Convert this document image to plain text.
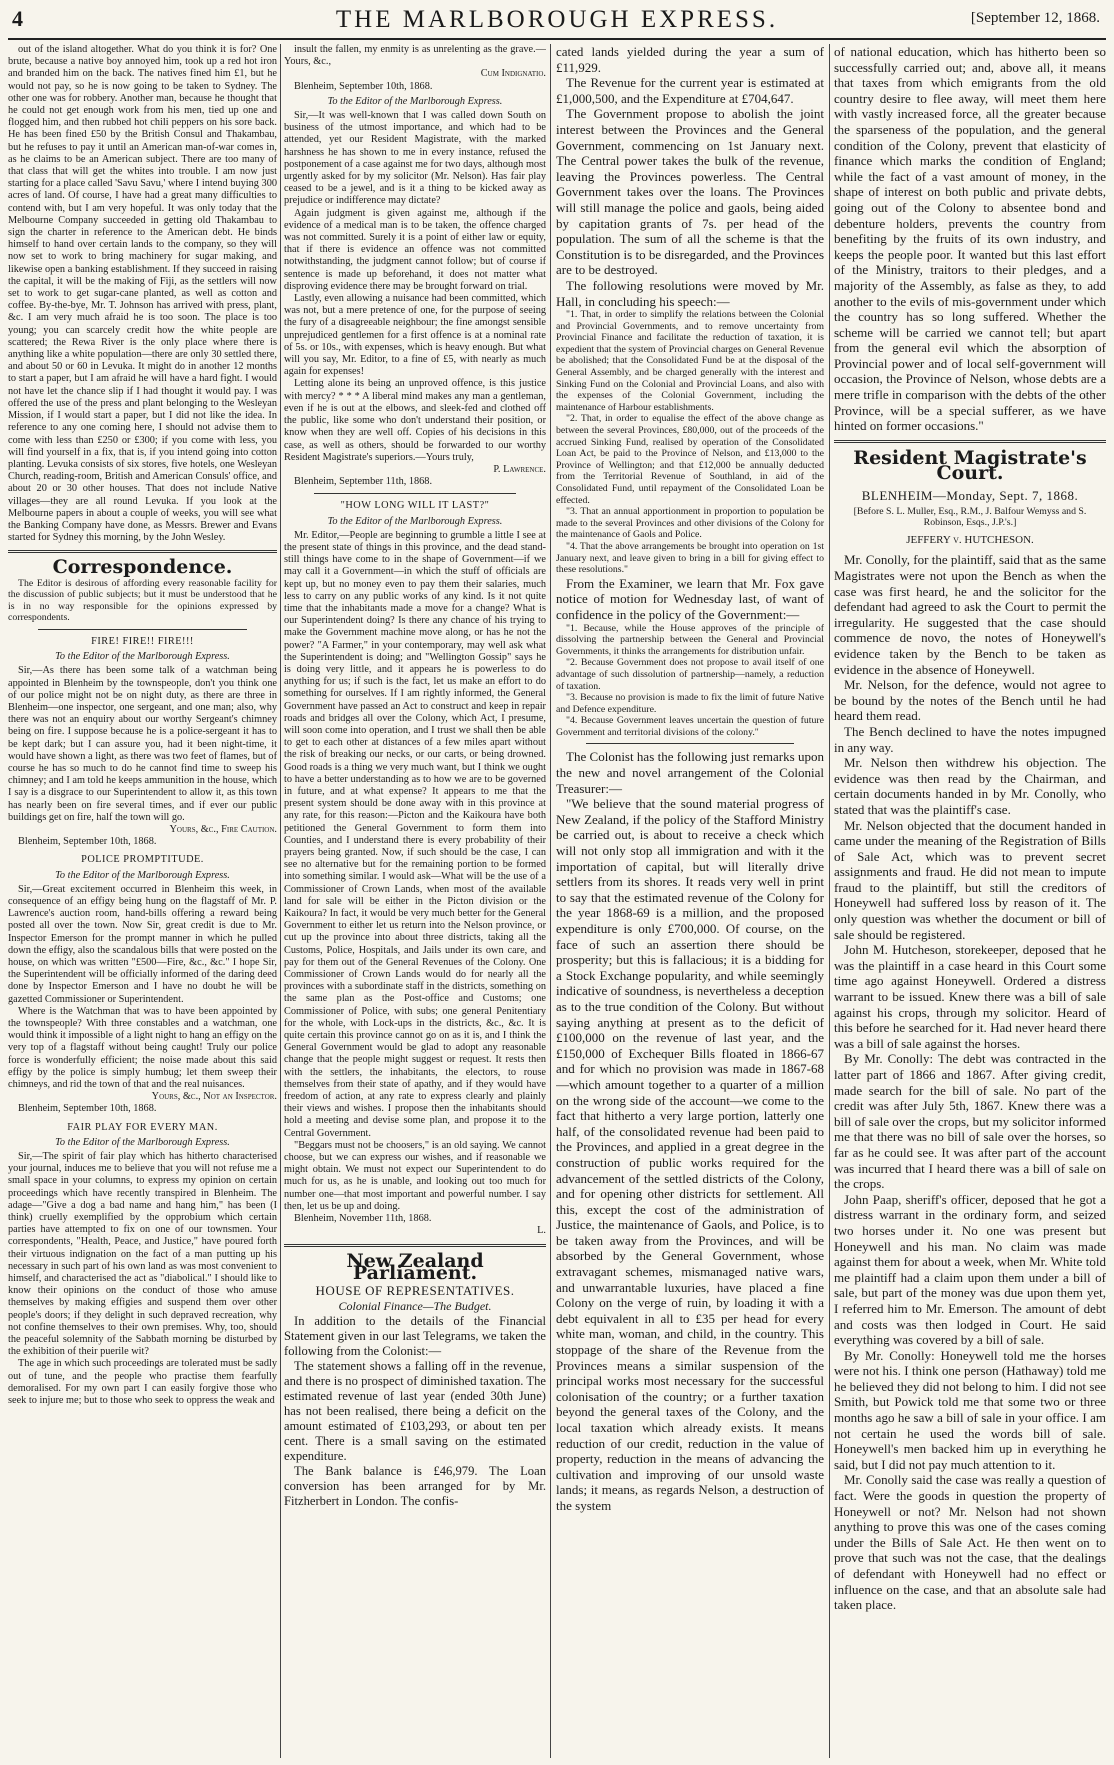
4	THE MARLBOROUGH EXPRESS.	[September 12, 1868.

out of the island altogether. What do you think it is for? One brute, because a native boy annoyed him, took up a red hot iron and branded him on the back. The natives fined him £1, but he would not pay, so he is now going to be taken to Sydney. The other one was for robbery. Another man, because he thought that he could not get enough work from his men, tied up one and flogged him, and then rubbed hot chili peppers on his sore back. He has been fined £50 by the British Consul and Thakambau, but he refuses to pay it until an American man-of-war comes in, as he claims to be an American subject. There are too many of that class that will get the whites into trouble. I am now just starting for a place called 'Savu Savu,' where I intend buying 300 acres of land. Of course, I have had a great many difficulties to contend with, but I am very hopeful. It was only today that the Melbourne Company succeeded in getting old Thakambau to sign the charter in reference to the American debt. He binds himself to hand over certain lands to the company, so they will now set to work to bring machinery for sugar making, and likewise open a banking establishment. If they succeed in raising the capital, it will be the making of Fiji, as the settlers will now set to work to get sugar-cane planted, as well as cotton and coffee. By-the-bye, Mr. T. Johnson has arrived with press, plant, &c. I am very much afraid he is too soon. The place is too young; you can scarcely credit how the white people are scattered; the Rewa River is the only place where there is anything like a white population—there are only 30 settled there, and about 50 or 60 in Levuka. It might do in another 12 months to start a paper, but I am afraid he will have a hard fight. I would not have let the chance slip if I had thought it would pay. I was offered the use of the press and plant belonging to the Wesleyan Mission, if I would start a paper, but I did not like the idea. In reference to any one coming here, I should not advise them to come with less than £250 or £300; if you come with less, you will find yourself in a fix, that is, if you intend going into cotton planting. Levuka consists of six stores, five hotels, one Wesleyan Church, reading-room, British and American Consuls' office, and about 20 or 30 other houses. That does not include Native villages—they are all round Levuka. If you look at the Melbourne papers in about a couple of weeks, you will see what the Banking Company have done, as Messrs. Brewer and Evans started for Sydney this morning, by the John Wesley.

Correspondence.

The Editor is desirous of affording every reasonable facility for the discussion of public subjects; but it must be understood that he is in no way responsible for the opinions expressed by correspondents.

FIRE! FIRE!! FIRE!!!
To the Editor of the Marlborough Express.

Sir,—As there has been some talk of a watchman being appointed in Blenheim by the townspeople, don't you think one of our police might not be on night duty, as there are three in Blenheim—one inspector, one sergeant, and one man; also, why there was not an enquiry about our worthy Sergeant's chimney being on fire. I suppose because he is a police-sergeant it has to be kept dark; but I can assure you, had it been night-time, it would have shown a light, as there was two feet of flames, but of course he has so much to do he cannot find time to sweep his chimney; and I am told he keeps ammunition in the house, which I say is a disgrace to our Superintendent to allow it, as this town has nearly been on fire several times, and if ever our public buildings get on fire, half the town will go.

Yours, &c., Fire Caution.

Blenheim, September 10th, 1868.

POLICE PROMPTITUDE.
To the Editor of the Marlborough Express.

Sir,—Great excitement occurred in Blenheim this week, in consequence of an effigy being hung on the flagstaff of Mr. P. Lawrence's auction room, hand-bills offering a reward being posted all over the town. Now Sir, great credit is due to Mr. Inspector Emerson for the prompt manner in which he pulled down the effigy, also the scandalous bills that were posted on the house, on which was written "£500—Fire, &c., &c." I hope Sir, the Superintendent will be officially informed of the daring deed done by Inspector Emerson and I have no doubt he will be gazetted Commissioner or Superintendent.

Where is the Watchman that was to have been appointed by the townspeople? With three constables and a watchman, one would think it impossible of a light night to hang an effigy on the very top of a flagstaff without being caught! Truly our police force is wonderfully efficient; the noise made about this said effigy by the police is simply humbug; let them sweep their chimneys, and rid the town of that and the real nuisances.

Yours, &c., Not an Inspector.

Blenheim, September 10th, 1868.

FAIR PLAY FOR EVERY MAN.
To the Editor of the Marlborough Express.

Sir,—The spirit of fair play which has hitherto characterised your journal, induces me to believe that you will not refuse me a small space in your columns, to express my opinion on certain proceedings which have recently transpired in Blenheim. The adage—"Give a dog a bad name and hang him," has been (I think) cruelly exemplified by the opprobium which certain parties have attempted to fix on one of our townsmen. Your correspondents, "Health, Peace, and Justice," have poured forth their virtuous indignation on the fact of a man putting up his necessary in such part of his own land as was most convenient to himself, and characterised the act as "diabolical." I should like to know their opinions on the conduct of those who amuse themselves by making effigies and suspend them over other people's doors; if they delight in such depraved recreation, why not confine themselves to their own premises. Why, too, should the peaceful solemnity of the Sabbath morning be disturbed by the exhibition of their puerile wit?

The age in which such proceedings are tolerated must be sadly out of tune, and the people who practise them fearfully demoralised. For my own part I can easily forgive those who seek to injure me; but to those who seek to oppress the weak and

insult the fallen, my enmity is as unrelenting as the grave.—Yours, &c.,

Cum Indignatio.

Blenheim, September 10th, 1868.

To the Editor of the Marlborough Express.

Sir,—It was well-known that I was called down South on business of the utmost importance, and which had to be attended, yet our Resident Magistrate, with the marked harshness he has shown to me in every instance, refused the postponement of a case against me for two days, although most urgently asked for by my solicitor (Mr. Nelson). Has fair play ceased to be a jewel, and is it a thing to be kicked away as prejudice or indifference may dictate?

Again judgment is given against me, although if the evidence of a medical man is to be taken, the offence charged was not committed. Surely it is a point of either law or equity, that if there is evidence an offence was not committed notwithstanding, the judgment cannot follow; but of course if sentence is made up beforehand, it does not matter what disproving evidence there may be brought forward on trial.

Lastly, even allowing a nuisance had been committed, which was not, but a mere pretence of one, for the purpose of seeing the fury of a disagreeable neighbour; the fine amongst sensible unprejudiced gentlemen for a first offence is at a nominal rate of 5s. or 10s., with expenses, which is heavy enough. But what will you say, Mr. Editor, to a fine of £5, with nearly as much again for expenses!

Letting alone its being an unproved offence, is this justice with mercy? * * * A liberal mind makes any man a gentleman, even if he is out at the elbows, and sleek-fed and clothed off the public, like some who don't understand their position, or know when they are well off. Copies of his decisions in this case, as well as others, should be forwarded to our worthy Resident Magistrate's superiors.—Yours truly,

P. Lawrence.

Blenheim, September 11th, 1868.

"HOW LONG WILL IT LAST?"
To the Editor of the Marlborough Express.

Mr. Editor,—People are beginning to grumble a little I see at the present state of things in this province, and the dead stand-still things have come to in the shape of Government—if we may call it a Government—in which the stuff of officials are kept up, but no money even to pay them their salaries, much less to carry on any public works of any kind. Is it not quite time that the inhabitants made a move for a change? What is our Superintendent doing? Is there any chance of his trying to make the Government machine move along, or has he not the power? "A Farmer," in your contemporary, may well ask what the Superintendent is doing; and "Wellington Gossip" says he is doing very little, and it appears he is powerless to do anything for us; if such is the fact, let us make an effort to do something for ourselves. If I am rightly informed, the General Government have passed an Act to construct and keep in repair roads and bridges all over the Colony, which Act, I presume, will soon come into operation, and I trust we shall then be able to get to each other at distances of a few miles apart without the risk of breaking our necks, or our carts, or being drowned. Good roads is a thing we very much want, but I think we ought to have a better understanding as to how we are to be governed in future, and at what expense? It appears to me that the present system should be done away with in this province at any rate, for this reason:—Picton and the Kaikoura have both petitioned the General Government to form them into Counties, and I understand there is every probability of their prayers being granted. Now, if such should be the case, I can see no alternative but for the remaining portion to be formed into something similar. I would ask—What will be the use of a Commissioner of Crown Lands, when most of the available land for sale will be either in the Picton division or the Kaikoura? In fact, it would be very much better for the General Government to either let us return into the Nelson province, or cut up the province into about three districts, taking all the Customs, Police, Hospitals, and Jails under its own care, and pay for them out of the General Revenues of the Colony. One Commissioner of Crown Lands would do for nearly all the provinces with a subordinate staff in the districts, something on the same plan as the Post-office and Customs; one Commissioner of Police, with subs; one general Penitentiary for the whole, with Lock-ups in the districts, &c., &c. It is quite certain this province cannot go on as it is, and I think the General Government would be glad to adopt any reasonable change that the people might suggest or request. It rests then with the settlers, the inhabitants, the electors, to rouse themselves from their state of apathy, and if they would have freedom of action, at any rate to express clearly and plainly their views and wishes. I propose then the inhabitants should hold a meeting and devise some plan, and propose it to the Central Government.

"Beggars must not be choosers," is an old saying. We cannot choose, but we can express our wishes, and if reasonable we might obtain. We must not expect our Superintendent to do much for us, as he is unable, and looking out too much for number one—that most important and powerful number. I say then, let us be up and doing.

Blenheim, November 11th, 1868.

L.

New Zealand Parliament.
HOUSE OF REPRESENTATIVES.
Colonial Finance—The Budget.

In addition to the details of the Financial Statement given in our last Telegrams, we taken the following from the Colonist:—

The statement shows a falling off in the revenue, and there is no prospect of diminished taxation. The estimated revenue of last year (ended 30th June) has not been realised, there being a deficit on the amount estimated of £103,293, or about ten per cent. There is a small saving on the estimated expenditure.

The Bank balance is £46,979. The Loan conversion has been arranged for by Mr. Fitzherbert in London. The confis-

cated lands yielded during the year a sum of £11,929.

The Revenue for the current year is estimated at £1,000,500, and the Expenditure at £704,647.

The Government propose to abolish the joint interest between the Provinces and the General Government, commencing on 1st January next. The Central power takes the bulk of the revenue, leaving the Provinces powerless. The Central Government takes over the loans. The Provinces will still manage the police and gaols, being aided by capitation grants of 7s. per head of the population. The sum of all the scheme is that the Constitution is to be disregarded, and the Provinces are to be destroyed.

The following resolutions were moved by Mr. Hall, in concluding his speech:—

"1. That, in order to simplify the relations between the Colonial and Provincial Governments, and to remove uncertainty from Provincial Finance and facilitate the reduction of taxation, it is expedient that the system of Provincial charges on General Revenue be abolished; that the Consolidated Fund be at the disposal of the General Assembly, and be charged generally with the interest and Sinking Fund on the Colonial and Provincial Loans, and also with the expenses of the Colonial Government, including the maintenance of Harbour establishments.

"2. That, in order to equalise the effect of the above change as between the several Provinces, £80,000, out of the proceeds of the accrued Sinking Fund, realised by operation of the Consolidated Loan Act, be paid to the Province of Nelson, and £13,000 to the Province of Wellington; and that £12,000 be annually deducted from the Territorial Revenue of Southland, in aid of the Consolidated Fund, until repayment of the Consolidated Loan be effected.

"3. That an annual apportionment in proportion to population be made to the several Provinces and other divisions of the Colony for the maintenance of Gaols and Police.

"4. That the above arrangements be brought into operation on 1st January next, and leave given to bring in a bill for giving effect to these resolutions."

From the Examiner, we learn that Mr. Fox gave notice of motion for Wednesday last, of want of confidence in the policy of the Government:—

"1. Because, while the House approves of the principle of dissolving the partnership between the General and Provincial Governments, it thinks the arrangements for distribution unfair.

"2. Because Government does not propose to avail itself of one advantage of such dissolution of partnership—namely, a reduction of taxation.

"3. Because no provision is made to fix the limit of future Native and Defence expenditure.

"4. Because Government leaves uncertain the question of future Government and territorial divisions of the colony."

The Colonist has the following just remarks upon the new and novel arrangement of the Colonial Treasurer:—

"We believe that the sound material progress of New Zealand, if the policy of the Stafford Ministry be carried out, is about to receive a check which will not only stop all immigration and with it the importation of capital, but will literally drive settlers from its shores. It reads very well in print to say that the estimated revenue of the Colony for the year 1868-69 is a million, and the proposed expenditure is only £700,000. Of course, on the face of such an assertion there should be prosperity; but this is fallacious; it is a bidding for a Stock Exchange popularity, and while seemingly indicative of soundness, is nevertheless a deception as to the true condition of the Colony. But without saying anything at present as to the deficit of £100,000 on the revenue of last year, and the £150,000 of Exchequer Bills floated in 1866-67 and for which no provision was made in 1867-68—which amount together to a quarter of a million on the wrong side of the account—we come to the fact that hitherto a very large portion, latterly one half, of the consolidated revenue had been paid to the Provinces, and applied in a great degree in the construction of public works required for the advancement of the settled districts of the Colony, and for opening other districts for settlement. All this, except the cost of the administration of Justice, the maintenance of Gaols, and Police, is to be taken away from the Provinces, and will be absorbed by the General Government, whose extravagant schemes, mismanaged native wars, and unwarrantable luxuries, have placed a fine Colony on the verge of ruin, by loading it with a debt equivalent in all to £35 per head for every white man, woman, and child, in the country. This stoppage of the share of the Revenue from the Provinces means a similar suspension of the principal works most necessary for the successful colonisation of the country; or a further taxation beyond the general taxes of the Colony, and the local taxation which already exists. It means reduction of our credit, reduction in the value of property, reduction in the means of advancing the cultivation and improving of our unsold waste lands; it means, as regards Nelson, a destruction of the system

of national education, which has hitherto been so successfully carried out; and, above all, it means that taxes from which emigrants from the old country desire to flee away, will meet them here with vastly increased force, all the greater because the sparseness of the population, and the general condition of the Colony, prevent that elasticity of finance which marks the condition of England; while the fact of a vast amount of money, in the shape of interest on both public and private debts, going out of the Colony to absentee bond and debenture holders, prevents the country from benefiting by the fruits of its own industry, and keeps the people poor. It wanted but this last effort of the Ministry, traitors to their pledges, and a majority of the Assembly, as false as they, to add another to the evils of mis-government under which the country has so long suffered. Whether the scheme will be carried we cannot tell; but apart from the general evil which the absorption of Provincial power and of local self-government will occasion, the Province of Nelson, whose debts are a mere trifle in comparison with the debts of the other Province, will be a special sufferer, as we have hinted on former occasions."

Resident Magistrate's Court.
BLENHEIM—Monday, Sept. 7, 1868.

[Before S. L. Muller, Esq., R.M., J. Balfour Wemyss and S. Robinson, Esqs., J.P.'s.]

JEFFERY v. HUTCHESON.

Mr. Conolly, for the plaintiff, said that as the same Magistrates were not upon the Bench as when the case was first heard, he and the solicitor for the defendant had agreed to ask the Court to permit the irregularity. He suggested that the case should commence de novo, the notes of Honeywell's evidence taken by the Bench to be taken as evidence in the absence of Honeywell.

Mr. Nelson, for the defence, would not agree to be bound by the notes of the Bench until he had heard them read.

The Bench declined to have the notes impugned in any way.

Mr. Nelson then withdrew his objection. The evidence was then read by the Chairman, and certain documents handed in by Mr. Conolly, who stated that was the plaintiff's case.

Mr. Nelson objected that the document handed in came under the meaning of the Registration of Bills of Sale Act, which was to prevent secret assignments and fraud. He did not mean to impute fraud to the plaintiff, but still the creditors of Honeywell had suffered loss by reason of it. The only question was whether the document or bill of sale should be registered.

John M. Hutcheson, storekeeper, deposed that he was the plaintiff in a case heard in this Court some time ago against Honeywell. Ordered a distress warrant to be issued. Knew there was a bill of sale against his crops, through my solicitor. Heard of this before he searched for it. Had never heard there was a bill of sale against the horses.

By Mr. Conolly: The debt was contracted in the latter part of 1866 and 1867. After giving credit, made search for the bill of sale. No part of the credit was after July 5th, 1867. Knew there was a bill of sale over the crops, but my solicitor informed me that there was no bill of sale over the horses, so far as he could see. It was after part of the account was incurred that I heard there was a bill of sale on the crops.

John Paap, sheriff's officer, deposed that he got a distress warrant in the ordinary form, and seized two horses under it. No one was present but Honeywell and his man. No claim was made against them for about a week, when Mr. White told me plaintiff had a claim upon them under a bill of sale, but part of the money was due upon them yet, I referred him to Mr. Emerson. The amount of debt and costs was then lodged in Court. He said everything was covered by a bill of sale.

By Mr. Conolly: Honeywell told me the horses were not his. I think one person (Hathaway) told me he believed they did not belong to him. I did not see Smith, but Powick told me that some two or three months ago he saw a bill of sale in your office. I am not certain he used the words bill of sale. Honeywell's men backed him up in everything he said, but I did not pay much attention to it.

Mr. Conolly said the case was really a question of fact. Were the goods in question the property of Honeywell or not? Mr. Nelson had not shown anything to prove this was one of the cases coming under the Bills of Sale Act. He then went on to prove that such was not the case, that the dealings of defendant with Honeywell had no effect or influence on the case, and that an absolute sale had taken place.
